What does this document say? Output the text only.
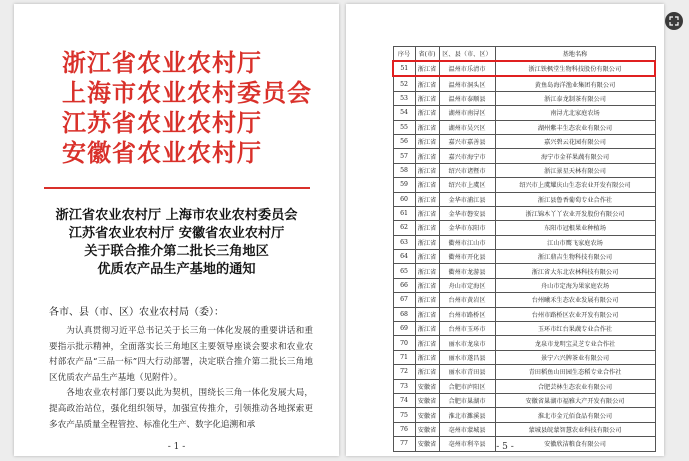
浙江省农业农村厅
上海市农业农村委员会
江苏省农业农村厅
安徽省农业农村厅
浙江省农业农村厅 上海市农业农村委员会
江苏省农业农村厅 安徽省农业农村厅
关于联合推介第二批长三角地区
优质农产品生产基地的通知
各市、县（市、区）农业农村局（委）：

为认真贯彻习近平总书记关于长三角一体化发展的重要讲话和重要指示批示精神，全面落实长三角地区主要领导座谈会要求和农业农村部农产品“三品一标”四大行动部署，决定联合推介第二批长三角地区优质农产品生产基地（见附件）。

各地农业农村部门要以此为契机，围绕长三角一体化发展大局，提高政治站位，强化组织领导，加强宣传推介，引领推动各地探索更多农产品质量全程管控、标准化生产、数字化追溯和承

- 1 -
序号	省(市)	区、县（市、区）	基地名称
51	浙江省	温州市乐清市	浙江铁枫堂生物科技股份有限公司
52	浙江省	温州市洞头区	黄鱼岛海洋渔业集团有限公司
53	浙江省	温州市泰顺县	浙江泰龙制茶有限公司
54	浙江省	湖州市南浔区	南浔尤北家庭农场
55	浙江省	湖州市吴兴区	湖州紫丰生态农业有限公司
56	浙江省	嘉兴市嘉善县	嘉兴碧云花园有限公司
57	浙江省	嘉兴市海宁市	海宁市金祥果蔬有限公司
58	浙江省	绍兴市诸暨市	浙江景星天林有限公司
59	浙江省	绍兴市上虞区	绍兴市上虞耀庆山生态农业开发有限公司
60	浙江省	金华市浦江县	浙江县鲁香葡萄专业合作社
61	浙江省	金华市磐安县	浙江锦木丫丫农业开发股份有限公司
62	浙江省	金华市东阳市	东阳市冠根果业种植场
63	浙江省	衢州市江山市	江山市鹰飞家庭农场
64	浙江省	衢州市开化县	浙江鼎吉生物科技有限公司
65	浙江省	衢州市龙游县	浙江省大东北农林科技有限公司
66	浙江省	舟山市定海区	舟山市定海为果家庭农场
67	浙江省	台州市黄岩区	台州曦禾生态农业发展有限公司
68	浙江省	台州市路桥区	台州市路桥区农业开发有限公司
69	浙江省	台州市玉环市	玉环市红台果蔬专业合作社
70	浙江省	丽水市龙泉市	龙泉市龙明宝灵芝专业合作社
71	浙江省	丽水市遂昌县	景宁六兴牌茶业有限公司
72	浙江省	丽水市青田县	青田稻鱼山田园生态稻专业合作社
73	安徽省	合肥市庐阳区	合肥芸林生态农业有限公司
74	安徽省	合肥市巢湖市	安徽省巢湖市福雅大产开发有限公司
75	安徽省	淮北市濉溪县	淮北市金元佰食品有限公司
76	安徽省	亳州市蒙城县	蒙城县皖蒙智慧农业科技有限公司
77	安徽省	亳州市利辛县	安徽欣洁粮食有限公司
- 5 -
